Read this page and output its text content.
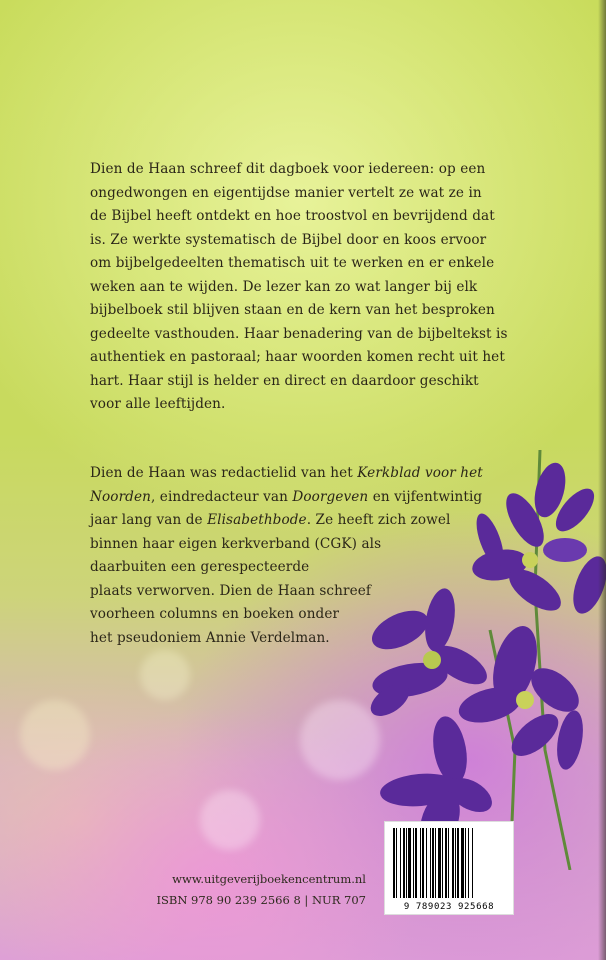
Dien de Haan schreef dit dagboek voor iedereen: op een
ongedwongen en eigentijdse manier vertelt ze wat ze in
de Bijbel heeft ontdekt en hoe troostvol en bevrijdend dat
is. Ze werkte systematisch de Bijbel door en koos ervoor
om bijbelgedeelten thematisch uit te werken en er enkele
weken aan te wijden. De lezer kan zo wat langer bij elk
bijbelboek stil blijven staan en de kern van het besproken
gedeelte vasthouden. Haar benadering van de bijbeltekst is
authentiek en pastoraal; haar woorden komen recht uit het
hart. Haar stijl is helder en direct en daardoor geschikt
voor alle leeftijden.
Dien de Haan was redactielid van het Kerkblad voor het
Noorden, eindredacteur van Doorgeven en vijfentwintig
jaar lang van de Elisabethbode. Ze heeft zich zowel
binnen haar eigen kerkverband (CGK) als
daarbuiten een gerespecteerde
plaats verworven. Dien de Haan schreef
voorheen columns en boeken onder
het pseudoniem Annie Verdelman.
www.uitgeverijboekencentrum.nl
ISBN 978 90 239 2566 8 | NUR 707	9 789023 925668
